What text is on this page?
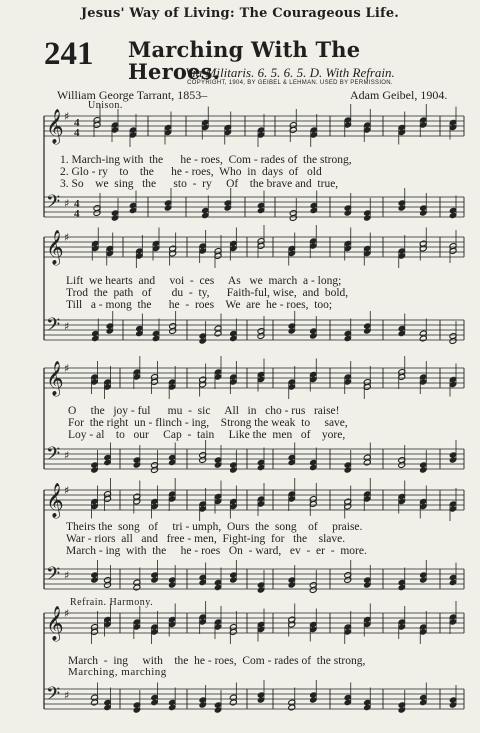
Jesus' Way of Living: The Courageous Life.
241 Marching With The Heroes.
Via Militaris. 6. 5. 6. 5. D. With Refrain.
COPYRIGHT, 1904, BY GEIBEL & LEHMAN. USED BY PERMISSION.
William George Tarrant, 1853–	Adam Geibel, 1904.
Unison.
Refrain. Harmony.
Marching, marching
𝄞 ♯ 4
4
𝄢 ♯ 4
4
𝄞 ♯
𝄢 ♯
𝄞 ♯
𝄢 ♯
𝄞 ♯
𝄢 ♯
𝄞 ♯
𝄢 ♯
1. March-ing with  the      he - roes,  Com - rades of  the strong,
2. Glo - ry    to    the      he - roes,  Who  in  days  of   old
3. So    we  sing   the      sto  -  ry     Of    the brave and  true,
Lift  we hearts  and     voi  -  ces     As   we  march  a - long;
Trod  the  path   of       du  -  ty,      Faith-ful, wise,  and  bold,
Till   a - mong  the      he  -  roes    We  are  he - roes,  too;
O     the   joy - ful      mu  -  sic     All   in   cho - rus   raise!
For  the right  un - flinch - ing,    Strong the weak  to     save,
Loy - al    to   our     Cap  -  tain     Like the  men   of    yore,
Theirs the  song   of     tri - umph,  Ours  the  song    of     praise.
War - riors  all   and   free - men,  Fight-ing  for   the    slave.
March - ing  with  the     he - roes   On  - ward,   ev  -  er  -  more.
March  -  ing     with    the  he - roes,  Com - rades of  the strong,
